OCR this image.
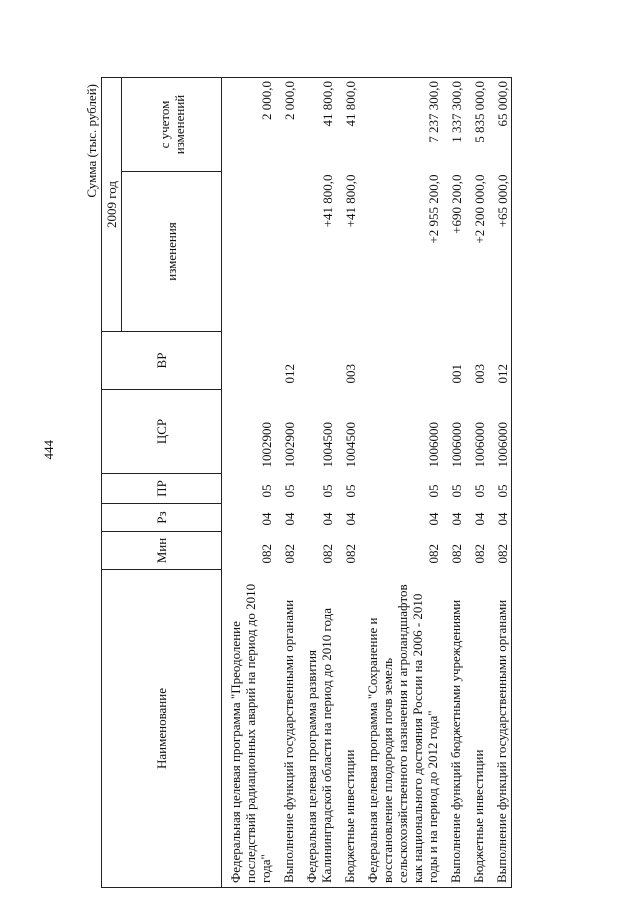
444
Сумма (тыс. рублей)
Наименование	Мин	Рз	ПР	ЦСР	ВР	2009 год	
						изменения	с учетом изменений
Федеральная целевая программа "Преодоление последствий радиационных аварий на период до 2010 года"	082	04	05	1002900			2 000,0
Выполнение функций государственными органами	082	04	05	1002900	012		2 000,0
Федеральная целевая программа развития Калининградской области на период до 2010 года	082	04	05	1004500		+41 800,0	41 800,0
Бюджетные инвестиции	082	04	05	1004500	003	+41 800,0	41 800,0
Федеральная целевая программа "Сохранение и восстановление плодородия почв земель сельскохозяйственного назначения и агроландшафтов как национального достояния России на 2006 - 2010 годы и на период до 2012 года"	082	04	05	1006000		+2 955 200,0	7 237 300,0
Выполнение функций бюджетными учреждениями	082	04	05	1006000	001	+690 200,0	1 337 300,0
Бюджетные инвестиции	082	04	05	1006000	003	+2 200 000,0	5 835 000,0
Выполнение функций государственными органами	082	04	05	1006000	012	+65 000,0	65 000,0
